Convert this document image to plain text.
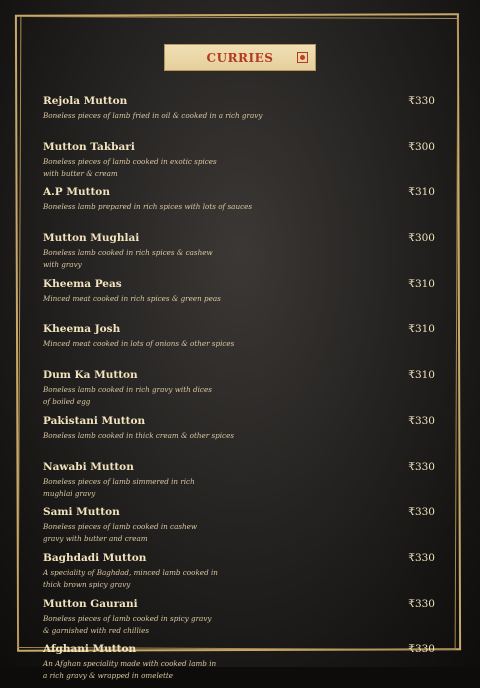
CURRIES
Rejola Mutton	₹330
Boneless pieces of lamb fried in oil & cooked in a rich gravy
Mutton Takbari	₹300
Boneless pieces of lamb cooked in exotic spices with butter & cream
A.P Mutton	₹310
Boneless lamb prepared in rich spices with lots of sauces
Mutton Mughlai	₹300
Boneless lamb cooked in rich spices & cashew with gravy
Kheema Peas	₹310
Minced meat cooked in rich spices & green peas
Kheema Josh	₹310
Minced meat cooked in lots of onions & other spices
Dum Ka Mutton	₹310
Boneless lamb cooked in rich gravy with dices of boiled egg
Pakistani Mutton	₹330
Boneless lamb cooked in thick cream & other spices
Nawabi Mutton	₹330
Boneless pieces of lamb simmered in rich mughlai gravy
Sami Mutton	₹330
Boneless pieces of lamb cooked in cashew gravy with butter and cream
Baghdadi Mutton	₹330
A speciality of Baghdad, minced lamb cooked in thick brown spicy gravy
Mutton Gaurani	₹330
Boneless pieces of lamb cooked in spicy gravy & garnished with red chillies
Afghani Mutton	₹330
An Afghan speciality made with cooked lamb in a rich gravy & wrapped in omelette
